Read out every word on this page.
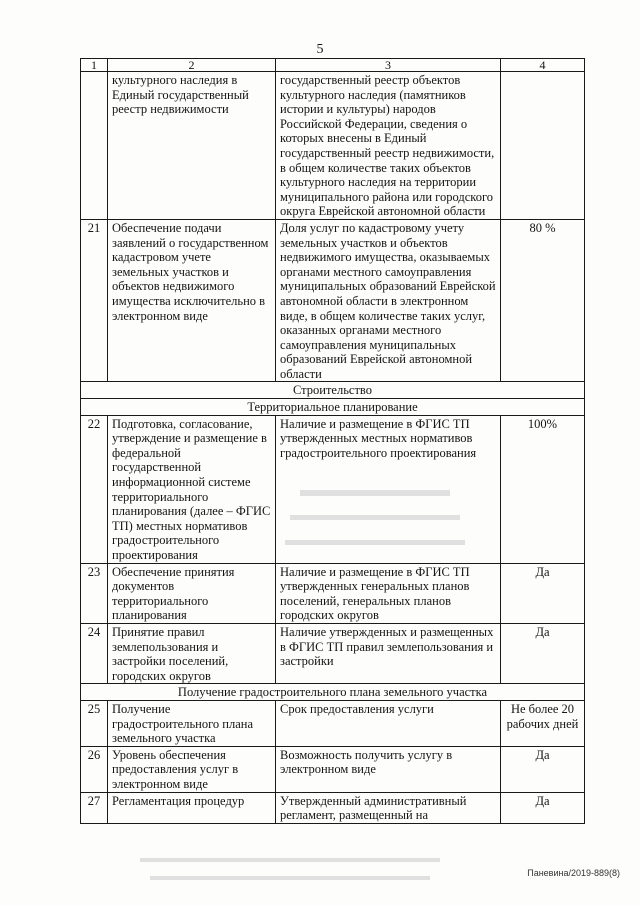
5
1	2	3	4
	культурного наследия в Единый государственный реестр недвижимости	государственный реестр объектов культурного наследия (памятников истории и культуры) народов Российской Федерации, сведения о которых внесены в Единый государственный реестр недвижимости, в общем количестве таких объектов культурного наследия на территории муниципального района или городского округа Еврейской автономной области	
21	Обеспечение подачи заявлений о государственном кадастровом учете земельных участков и объектов недвижимого имущества исключительно в электронном виде	Доля услуг по кадастровому учету земельных участков и объектов недвижимого имущества, оказываемых органами местного самоуправления муниципальных образований Еврейской автономной области в электронном виде, в общем количестве таких услуг, оказанных органами местного самоуправления муниципальных образований Еврейской автономной области	80 %
Строительство			
Территориальное планирование			
22	Подготовка, согласование, утверждение и размещение в федеральной государственной информационной системе территориального планирования (далее – ФГИС ТП) местных нормативов градостроительного проектирования	Наличие и размещение в ФГИС ТП утвержденных местных нормативов градостроительного проектирования	100%
23	Обеспечение принятия документов территориального планирования	Наличие и размещение в ФГИС ТП утвержденных генеральных планов поселений, генеральных планов городских округов	Да
24	Принятие правил землепользования и застройки поселений, городских округов	Наличие утвержденных и размещенных в ФГИС ТП правил землепользования и застройки	Да
Получение градостроительного плана земельного участка			
25	Получение градостроительного плана земельного участка	Срок предоставления услуги	Не более 20 рабочих дней
26	Уровень обеспечения предоставления услуг в электронном виде	Возможность получить услугу в электронном виде	Да
27	Регламентация процедур	Утвержденный административный регламент, размещенный на	Да
Паневина/2019-889(8)
